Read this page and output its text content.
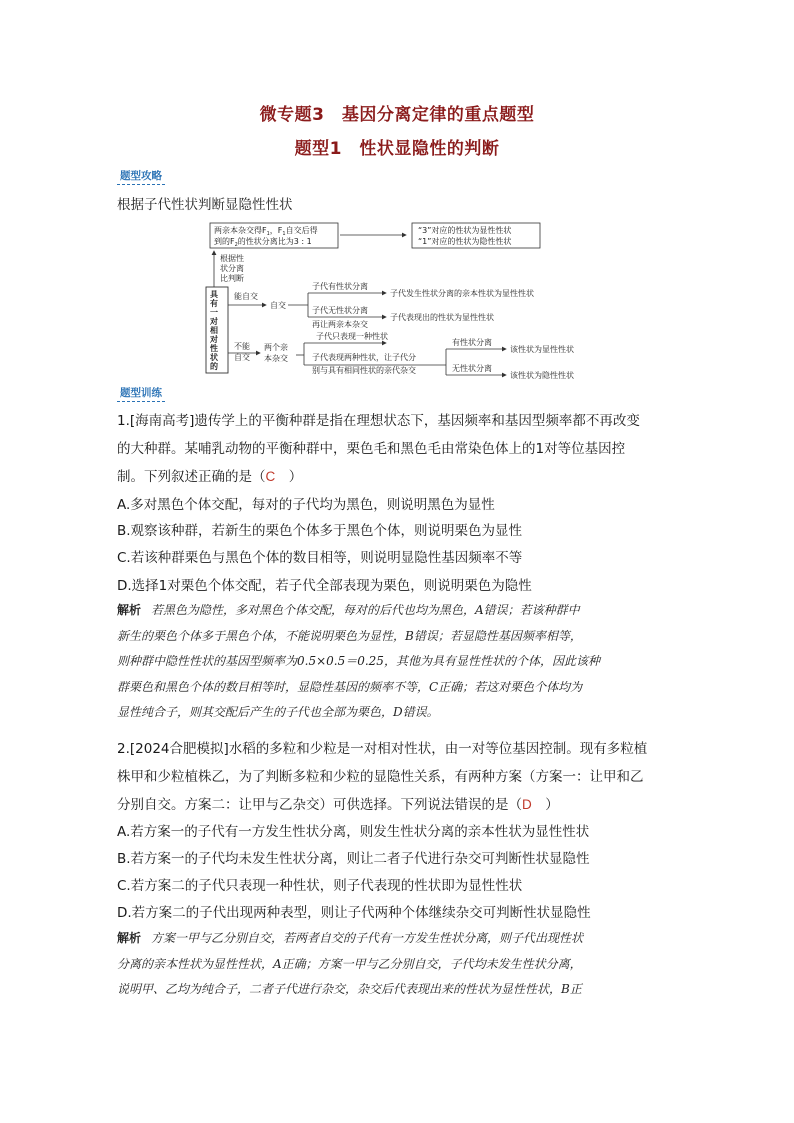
微专题3　基因分离定律的重点题型
题型1　性状显隐性的判断
题型攻略
根据子代性状判断显隐性性状
两亲本杂交得$F_1$，$F_1$自交后得
到的$F_2$的性状分离比为3 : 1
“3”对应的性状为显性性状
“1”对应的性状为隐性性状
根据性
状分离
比判断
具
有
一
对
相
对
性
状
的
能自交
自交
子代有性状分离
子代发生性状分离的亲本性状为显性性状
子代无性状分离
再让两亲本杂交
子代表现出的性状为显性性状
不能
自交
两个亲
本杂交
子代只表现一种性状
子代表现两种性状，让子代分
别与具有相同性状的亲代杂交
有性状分离
该性状为显性性状
无性状分离
该性状为隐性性状
题型训练
1.[海南高考]遗传学上的平衡种群是指在理想状态下，基因频率和基因型频率都不再改变
的大种群。某哺乳动物的平衡种群中，栗色毛和黑色毛由常染色体上的1对等位基因控
制。下列叙述正确的是（C　）
A.多对黑色个体交配，每对的子代均为黑色，则说明黑色为显性
B.观察该种群，若新生的栗色个体多于黑色个体，则说明栗色为显性
C.若该种群栗色与黑色个体的数目相等，则说明显隐性基因频率不等
D.选择1对栗色个体交配，若子代全部表现为栗色，则说明栗色为隐性
解析 若黑色为隐性，多对黑色个体交配，每对的后代也均为黑色，A错误；若该种群中
新生的栗色个体多于黑色个体，不能说明栗色为显性，B错误；若显隐性基因频率相等，
则种群中隐性性状的基因型频率为0.5×0.5＝0.25，其他为具有显性性状的个体，因此该种
群栗色和黑色个体的数目相等时，显隐性基因的频率不等，C正确；若这对栗色个体均为
显性纯合子，则其交配后产生的子代也全部为栗色，D错误。
2.[2024合肥模拟]水稻的多粒和少粒是一对相对性状，由一对等位基因控制。现有多粒植
株甲和少粒植株乙，为了判断多粒和少粒的显隐性关系，有两种方案（方案一：让甲和乙
分别自交。方案二：让甲与乙杂交）可供选择。下列说法错误的是（D　）
A.若方案一的子代有一方发生性状分离，则发生性状分离的亲本性状为显性性状
B.若方案一的子代均未发生性状分离，则让二者子代进行杂交可判断性状显隐性
C.若方案二的子代只表现一种性状，则子代表现的性状即为显性性状
D.若方案二的子代出现两种表型，则让子代两种个体继续杂交可判断性状显隐性
解析 方案一甲与乙分别自交，若两者自交的子代有一方发生性状分离，则子代出现性状
分离的亲本性状为显性性状，A正确；方案一甲与乙分别自交，子代均未发生性状分离，
说明甲、乙均为纯合子，二者子代进行杂交，杂交后代表现出来的性状为显性性状，B正
